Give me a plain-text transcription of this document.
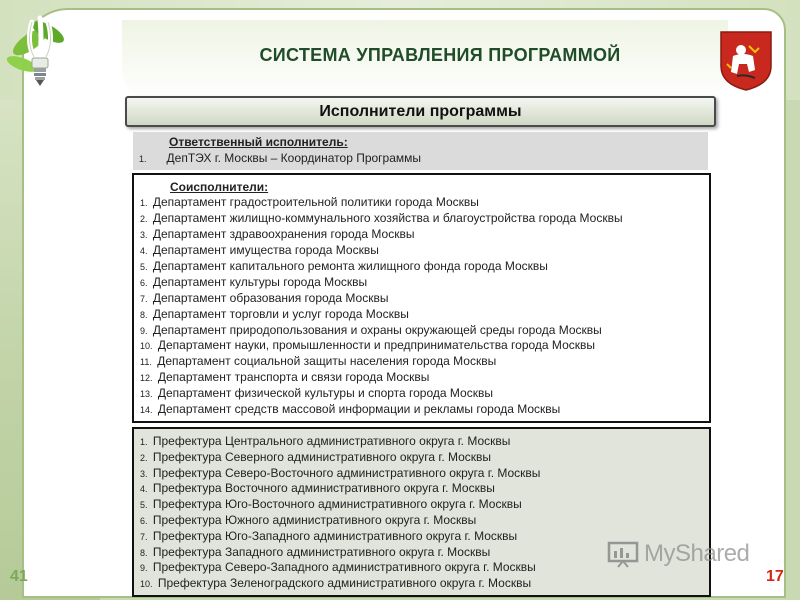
СИСТЕМА УПРАВЛЕНИЯ ПРОГРАММОЙ
Исполнители программы
Ответственный исполнитель:
1. ДепТЭХ г. Москвы – Координатор Программы
Соисполнители:
1. Департамент градостроительной политики города Москвы
2. Департамент жилищно-коммунального хозяйства и благоустройства города Москвы
3. Департамент здравоохранения города Москвы
4. Департамент имущества города Москвы
5. Департамент капитального ремонта жилищного фонда города Москвы
6. Департамент культуры города Москвы
7. Департамент образования города Москвы
8. Департамент торговли и услуг города Москвы
9. Департамент природопользования и охраны окружающей среды города Москвы
10. Департамент науки, промышленности и предпринимательства города Москвы
11. Департамент социальной защиты населения города Москвы
12. Департамент транспорта и связи города Москвы
13. Департамент физической культуры и спорта города Москвы
14. Департамент средств массовой информации и рекламы города Москвы
1. Префектура Центрального административного округа г. Москвы
2. Префектура Северного административного округа г. Москвы
3. Префектура Северо-Восточного административного округа г. Москвы
4. Префектура Восточного административного округа г. Москвы
5. Префектура Юго-Восточного административного округа г. Москвы
6. Префектура Южного административного округа г. Москвы
7. Префектура Юго-Западного административного округа г. Москвы
8. Префектура Западного административного округа г. Москвы
9. Префектура Северо-Западного административного округа г. Москвы
10. Префектура Зеленоградского административного округа г. Москвы
41	17
MyShared
